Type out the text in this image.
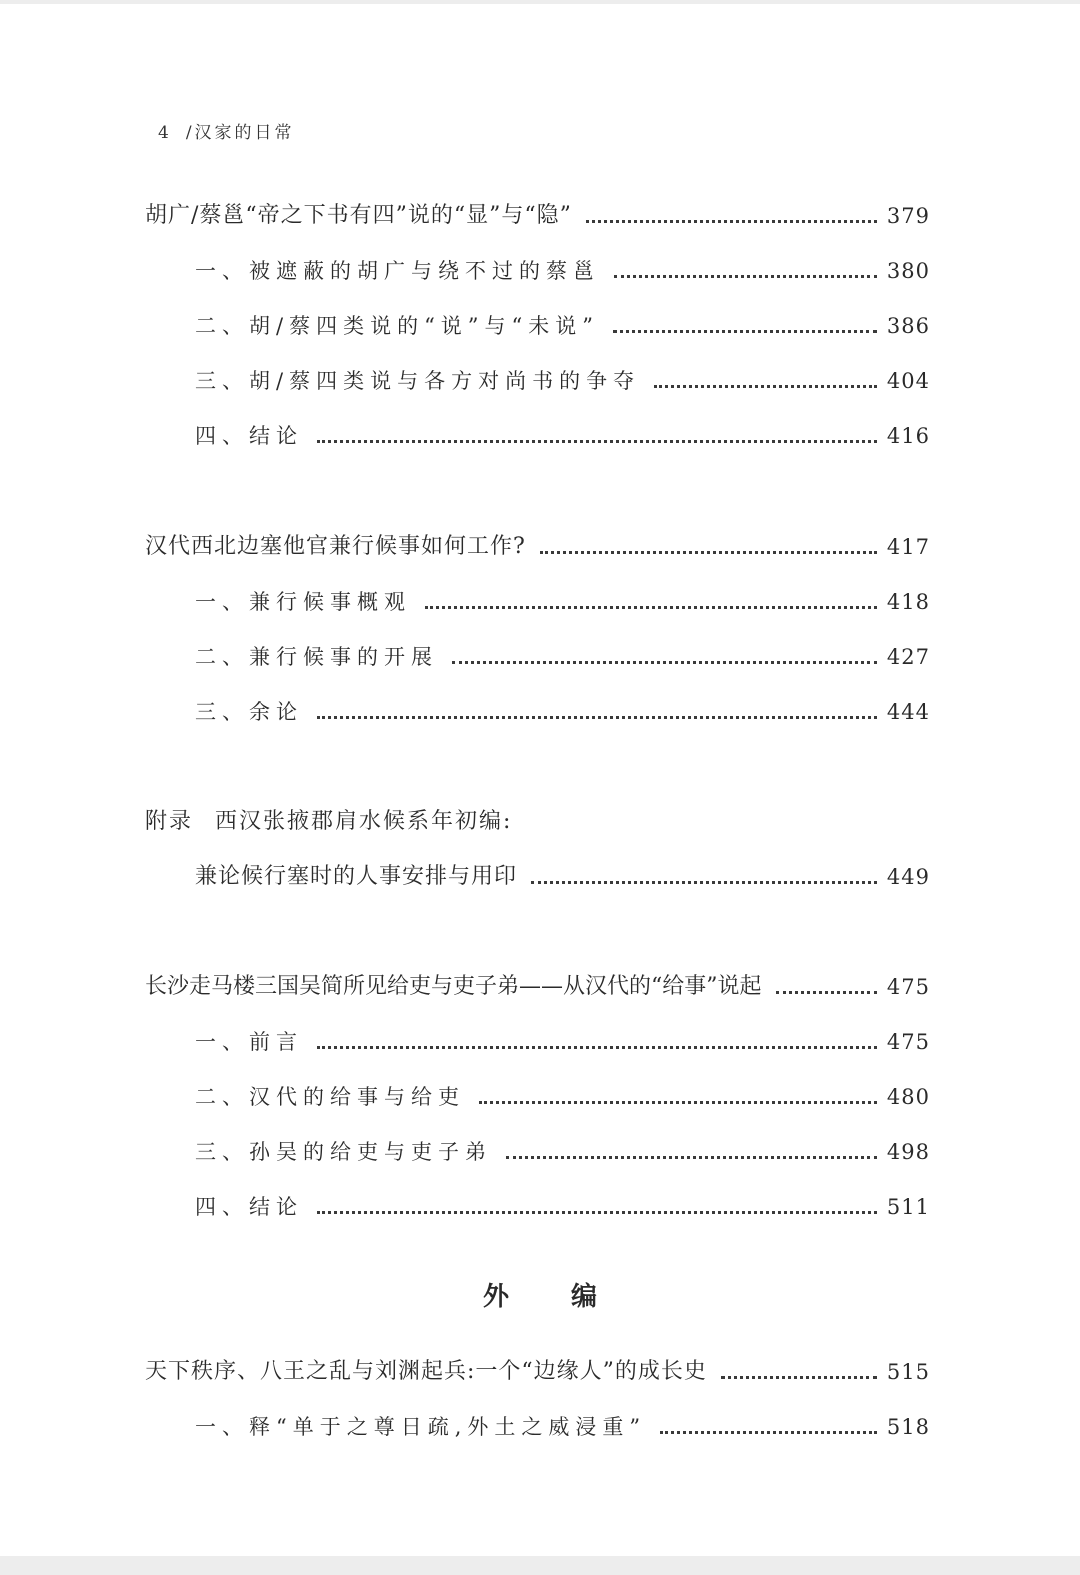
4 /汉家的日常
胡广/蔡邕“帝之下书有四”说的“显”与“隐”	379
一、被遮蔽的胡广与绕不过的蔡邕	380
二、胡/蔡四类说的“说”与“未说”	386
三、胡/蔡四类说与各方对尚书的争夺	404
四、结论	416
汉代西北边塞他官兼行候事如何工作?	417
一、兼行候事概观	418
二、兼行候事的开展	427
三、余论	444
附录 西汉张掖郡肩水候系年初编:
兼论候行塞时的人事安排与用印	449
长沙走马楼三国吴简所见给吏与吏子弟——从汉代的“给事”说起	475
一、前言	475
二、汉代的给事与给吏	480
三、孙吴的给吏与吏子弟	498
四、结论	511
外编
天下秩序、八王之乱与刘渊起兵:一个“边缘人”的成长史	515
一、释“单于之尊日疏,外土之威浸重”	518
